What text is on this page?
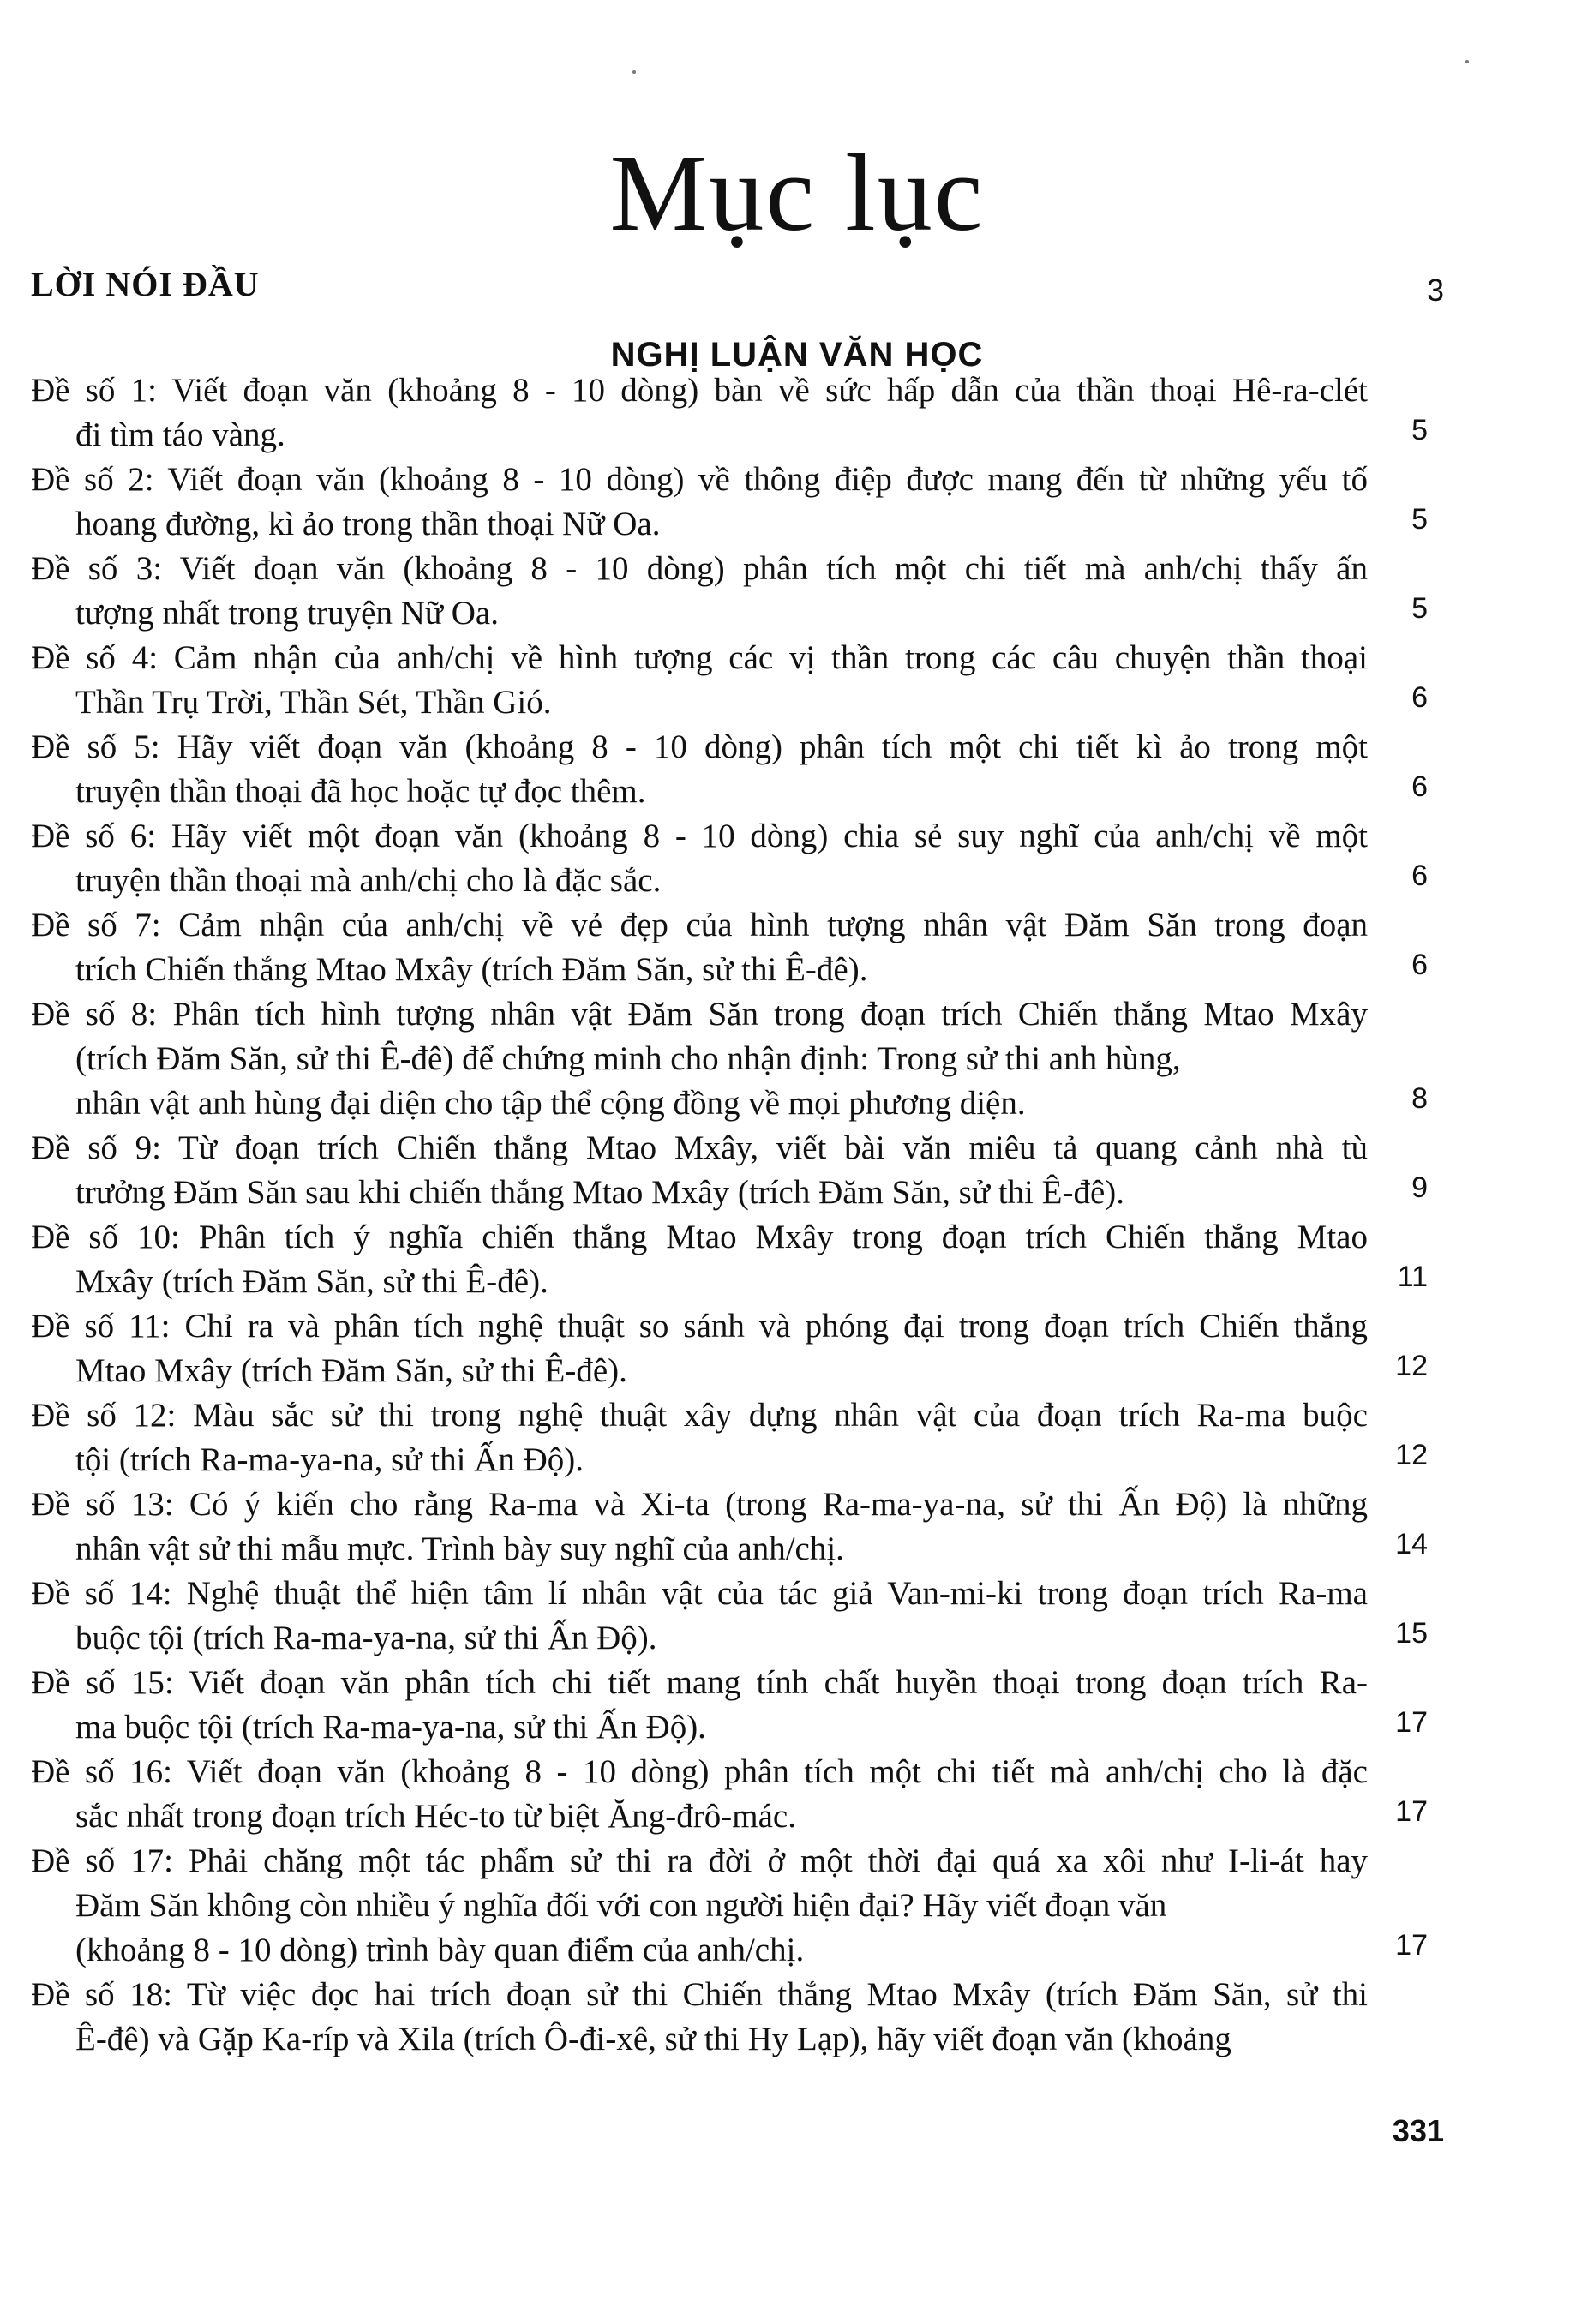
Mục lục
LỜI NÓI ĐẦU	3
NGHỊ LUẬN VĂN HỌC
Đề số 1: Viết đoạn văn (khoảng 8 - 10 dòng) bàn về sức hấp dẫn của thần thoại Hê-ra-clét
đi tìm táo vàng.	5
Đề số 2: Viết đoạn văn (khoảng 8 - 10 dòng) về thông điệp được mang đến từ những yếu tố
hoang đường, kì ảo trong thần thoại Nữ Oa.	5
Đề số 3: Viết đoạn văn (khoảng 8 - 10 dòng) phân tích một chi tiết mà anh/chị thấy ấn
tượng nhất trong truyện Nữ Oa.	5
Đề số 4: Cảm nhận của anh/chị về hình tượng các vị thần trong các câu chuyện thần thoại
Thần Trụ Trời, Thần Sét, Thần Gió.	6
Đề số 5: Hãy viết đoạn văn (khoảng 8 - 10 dòng) phân tích một chi tiết kì ảo trong một
truyện thần thoại đã học hoặc tự đọc thêm.	6
Đề số 6: Hãy viết một đoạn văn (khoảng 8 - 10 dòng) chia sẻ suy nghĩ của anh/chị về một
truyện thần thoại mà anh/chị cho là đặc sắc.	6
Đề số 7: Cảm nhận của anh/chị về vẻ đẹp của hình tượng nhân vật Đăm Săn trong đoạn
trích Chiến thắng Mtao Mxây (trích Đăm Săn, sử thi Ê-đê).	6
Đề số 8: Phân tích hình tượng nhân vật Đăm Săn trong đoạn trích Chiến thắng Mtao Mxây
(trích Đăm Săn, sử thi Ê-đê) để chứng minh cho nhận định: Trong sử thi anh hùng,
nhân vật anh hùng đại diện cho tập thể cộng đồng về mọi phương diện.	8
Đề số 9: Từ đoạn trích Chiến thắng Mtao Mxây, viết bài văn miêu tả quang cảnh nhà tù
trưởng Đăm Săn sau khi chiến thắng Mtao Mxây (trích Đăm Săn, sử thi Ê-đê).	9
Đề số 10: Phân tích ý nghĩa chiến thắng Mtao Mxây trong đoạn trích Chiến thắng Mtao
Mxây (trích Đăm Săn, sử thi Ê-đê).	11
Đề số 11: Chỉ ra và phân tích nghệ thuật so sánh và phóng đại trong đoạn trích Chiến thắng
Mtao Mxây (trích Đăm Săn, sử thi Ê-đê).	12
Đề số 12: Màu sắc sử thi trong nghệ thuật xây dựng nhân vật của đoạn trích Ra-ma buộc
tội (trích Ra-ma-ya-na, sử thi Ấn Độ).	12
Đề số 13: Có ý kiến cho rằng Ra-ma và Xi-ta (trong Ra-ma-ya-na, sử thi Ấn Độ) là những
nhân vật sử thi mẫu mực. Trình bày suy nghĩ của anh/chị.	14
Đề số 14: Nghệ thuật thể hiện tâm lí nhân vật của tác giả Van-mi-ki trong đoạn trích Ra-ma
buộc tội (trích Ra-ma-ya-na, sử thi Ấn Độ).	15
Đề số 15: Viết đoạn văn phân tích chi tiết mang tính chất huyền thoại trong đoạn trích Ra-
ma buộc tội (trích Ra-ma-ya-na, sử thi Ấn Độ).	17
Đề số 16: Viết đoạn văn (khoảng 8 - 10 dòng) phân tích một chi tiết mà anh/chị cho là đặc
sắc nhất trong đoạn trích Héc-to từ biệt Ăng-đrô-mác.	17
Đề số 17: Phải chăng một tác phẩm sử thi ra đời ở một thời đại quá xa xôi như I-li-át hay
Đăm Săn không còn nhiều ý nghĩa đối với con người hiện đại? Hãy viết đoạn văn
(khoảng 8 - 10 dòng) trình bày quan điểm của anh/chị.	17
Đề số 18: Từ việc đọc hai trích đoạn sử thi Chiến thắng Mtao Mxây (trích Đăm Săn, sử thi
Ê-đê) và Gặp Ka-ríp và Xila (trích Ô-đi-xê, sử thi Hy Lạp), hãy viết đoạn văn (khoảng
331
